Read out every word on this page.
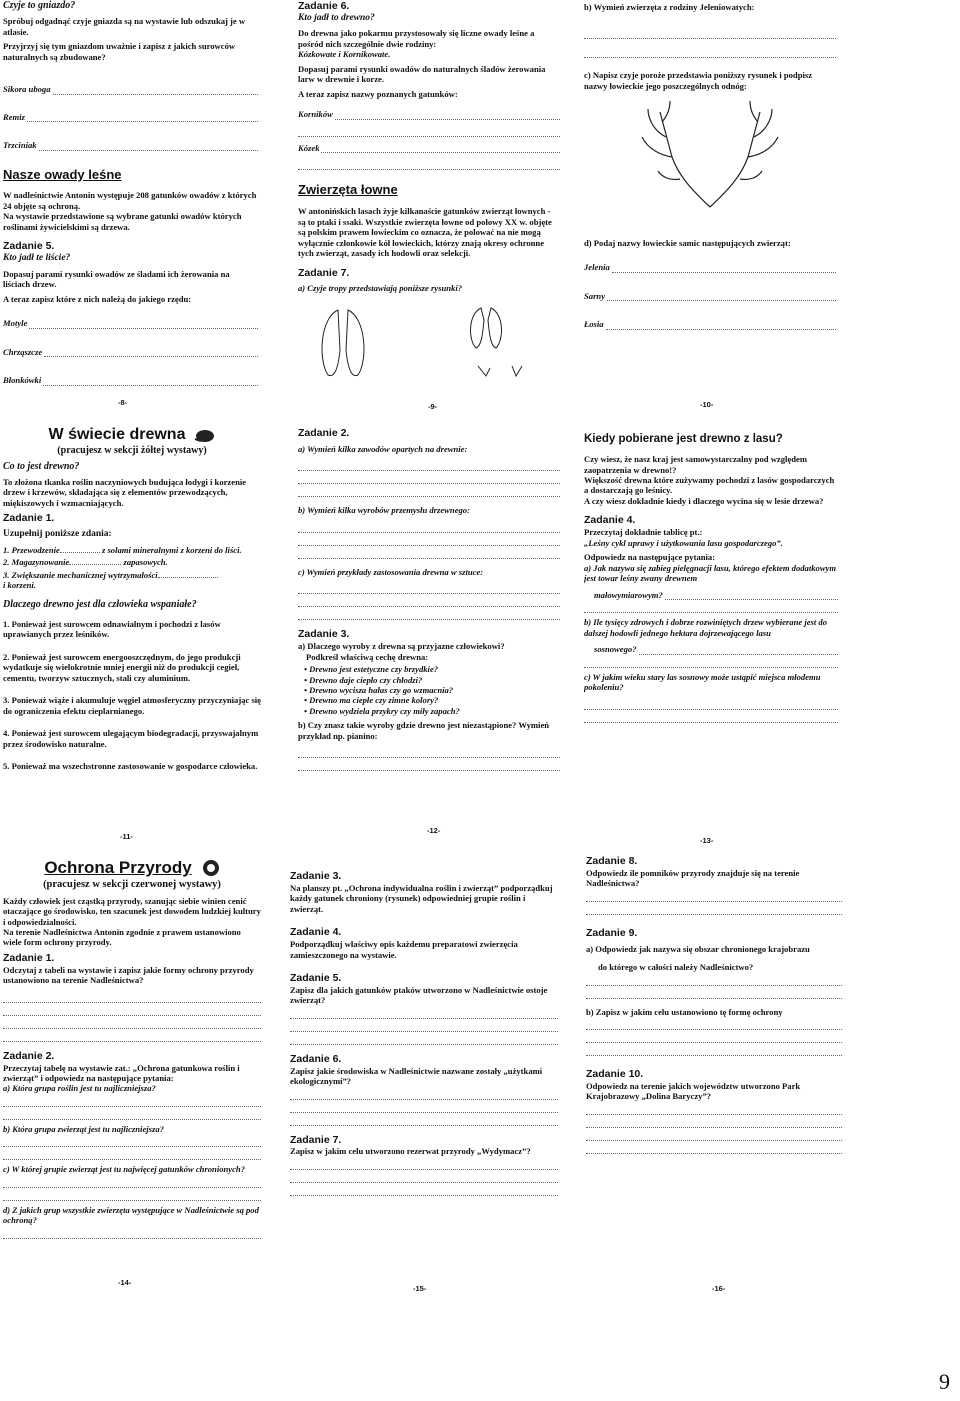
Czyje to gniazdo?

Spróbuj odgadnąć czyje gniazda są na wystawie lub odszukaj je w atlasie.

Przyjrzyj się tym gniazdom uważnie i zapisz z jakich surowców naturalnych są zbudowane?

Sikora uboga
Remiz
Trzciniak

Nasze owady leśne

W nadleśnictwie Antonin występuje 208 gatunków owadów z których 24 objęte są ochroną.

Na wystawie przedstawione są wybrane gatunki owadów których roślinami żywicielskimi są drzewa.

Zadanie 5.

Kto jadł te liście?

Dopasuj parami rysunki owadów ze śladami ich żerowania na liściach drzew.

A teraz zapisz które z nich należą do jakiego rzędu:

Motyle
Chrząszcze
Błonkówki
-8-

Zadanie 6.

Kto jadł to drewno?

Do drewna jako pokarmu przystosowały się liczne owady leśne a pośród nich szczególnie dwie rodziny:

Kózkowate i Kornikowate.

Dopasuj parami rysunki owadów do naturalnych śladów żerowania larw w drewnie i korze.

A teraz zapisz nazwy poznanych gatunków:

Korników
Kózek

Zwierzęta łowne

W antonińskich lasach żyje kilkanaście gatunków zwierząt łownych - są to ptaki i ssaki. Wszystkie zwierzęta łowne od połowy XX w. objęte są polskim prawem łowieckim co oznacza, że polować na nie mogą wyłącznie członkowie kół łowieckich, którzy znają okresy ochronne tych zwierząt, zasady ich hodowli oraz selekcji.

Zadanie 7.

a) Czyje tropy przedstawiają poniższe rysunki?

-9-

b) Wymień zwierzęta z rodziny Jeleniowatych:

c) Napisz czyje poroże przedstawia poniższy rysunek i podpisz nazwy łowieckie jego poszczególnych odnóg:

d) Podaj nazwy łowieckie samic następujących zwierząt:

Jelenia
Sarny
Łosia
-10-

W świecie drewna

(pracujesz w sekcji żółtej wystawy)

Co to jest drewno?

To złożona tkanka roślin naczyniowych budująca łodygi i korzenie drzew i krzewów, składająca się z elementów przewodzących, miękiszowych i wzmacniających.

Zadanie 1.

Uzupełnij poniższe zdania:

1. Przewodzenie	z solami mineralnymi z korzeni do liści.

2. Magazynowanie	zapasowych.

3. Zwiększanie mechanicznej wytrzymałości
i korzeni.

Dlaczego drewno jest dla człowieka wspaniałe?

1. Ponieważ jest surowcem odnawialnym i pochodzi z lasów uprawianych przez leśników.

2. Ponieważ jest surowcem energooszczędnym, do jego produkcji wydatkuje się wielokrotnie mniej energii niż do produkcji cegieł, cementu, tworzyw sztucznych, stali czy aluminium.

3. Ponieważ wiąże i akumuluje węgiel atmosferyczny przyczyniając się do ograniczenia efektu cieplarnianego.

4. Ponieważ jest surowcem ulegającym biodegradacji, przyswajalnym przez środowisko naturalne.

5. Ponieważ ma wszechstronne zastosowanie w gospodarce człowieka.

-11-

Zadanie 2.

a) Wymień kilka zawodów opartych na drewnie:

b) Wymień kilka wyrobów przemysłu drzewnego:

c) Wymień przykłady zastosowania drewna w sztuce:

Zadanie 3.

a) Dlaczego wyroby z drewna są przyjazne człowiekowi?

Podkreśl właściwą cechę drewna:

• Drewno jest estetyczne czy brzydkie?
• Drewno daje ciepło czy chłodzi?
• Drewno wycisza hałas czy go wzmacnia?
• Drewno ma ciepłe czy zimne kolory?
• Drewno wydziela przykry czy miły zapach?

b) Czy znasz takie wyroby gdzie drewno jest niezastąpione? Wymień przykład np. pianino:

-12-

Kiedy pobierane jest drewno z lasu?

Czy wiesz, że nasz kraj jest samowystarczalny pod względem zaopatrzenia w drewno!?

Większość drewna które zużywamy pochodzi z lasów gospodarczych a dostarczają go leśnicy.

A czy wiesz dokładnie kiedy i dlaczego wycina się w lesie drzewa?

Zadanie 4.

Przeczytaj dokładnie tablicę pt.:

„Leśny cykl uprawy i użytkowania lasu gospodarczego”.

Odpowiedz na następujące pytania:

a) Jak nazywa się zabieg pielęgnacji lasu, którego efektem dodatkowym jest towar leśny zwany drewnem

małowymiarowym?

b) Ile tysięcy zdrowych i dobrze rozwiniętych drzew wybierane jest do dalszej hodowli jednego hektara dojrzewającego lasu

sosnowego?

c) W jakim wieku stary las sosnowy może ustąpić miejsca młodemu pokoleniu?

-13-

Ochrona Przyrody

(pracujesz w sekcji czerwonej wystawy)

Każdy człowiek jest cząstką przyrody, szanując siebie winien cenić otaczające go środowisko, ten szacunek jest dowodem ludzkiej kultury i odpowiedzialności.

Na terenie Nadleśnictwa Antonin zgodnie z prawem ustanowiono wiele form ochrony przyrody.

Zadanie 1.

Odczytaj z tabeli na wystawie i zapisz jakie formy ochrony przyrody ustanowiono na terenie Nadleśnictwa?

Zadanie 2.

Przeczytaj tabelę na wystawie zat.: „Ochrona gatunkowa roślin i zwierząt” i odpowiedz na następujące pytania:

a) Która grupa roślin jest tu najliczniejsza?

b) Która grupa zwierząt jest tu najliczniejsza?

c) W której grupie zwierząt jest tu najwięcej gatunków chronionych?

d) Z jakich grup wszystkie zwierzęta występujące w Nadleśnictwie są pod ochroną?

-14-

Zadanie 3.

Na planszy pt. „Ochrona indywidualna roślin i zwierząt” podporządkuj każdy gatunek chroniony (rysunek) odpowiedniej grupie roślin i zwierząt.

Zadanie 4.

Podporządkuj właściwy opis każdemu preparatowi zwierzęcia zamieszczonego na wystawie.

Zadanie 5.

Zapisz dla jakich gatunków ptaków utworzono w Nadleśnictwie ostoje zwierząt?

Zadanie 6.

Zapisz jakie środowiska w Nadleśnictwie nazwane zostały „użytkami ekologicznymi”?

Zadanie 7.

Zapisz w jakim celu utworzono rezerwat przyrody „Wydymacz”?

-15-

Zadanie 8.

Odpowiedz ile pomników przyrody znajduje się na terenie Nadleśnictwa?

Zadanie 9.

a) Odpowiedz jak nazywa się obszar chronionego krajobrazu

do którego w całości należy Nadleśnictwo?

b) Zapisz w jakim celu ustanowiono tę formę ochrony

Zadanie 10.

Odpowiedz na terenie jakich województw utworzono Park Krajobrazowy „Dolina Baryczy”?

-16-
9
